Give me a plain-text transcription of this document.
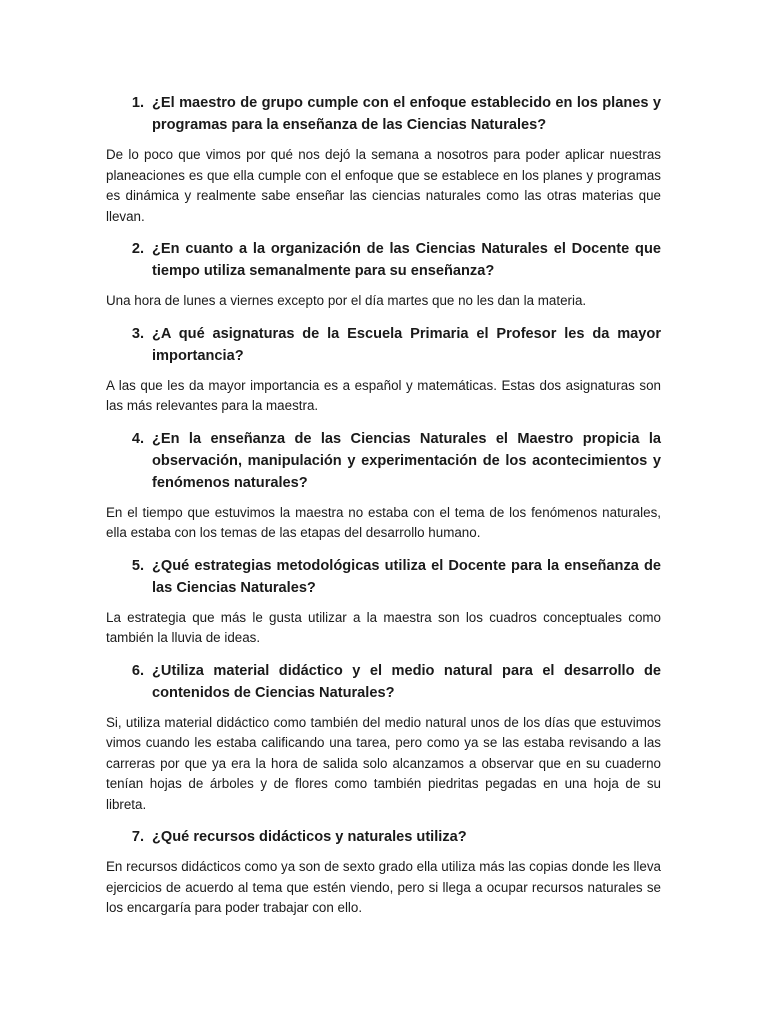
1. ¿El maestro de grupo cumple con el enfoque establecido en los planes y programas para la enseñanza de las Ciencias Naturales?

De lo poco que vimos por qué nos dejó la semana a nosotros para poder aplicar nuestras planeaciones es que ella cumple con el enfoque que se establece en los planes y programas es dinámica y realmente sabe enseñar las ciencias naturales como las otras materias que llevan.

2. ¿En cuanto a la organización de las Ciencias Naturales el Docente que tiempo utiliza semanalmente para su enseñanza?

Una hora de lunes a viernes excepto por el día martes que no les dan la materia.

3. ¿A qué asignaturas de la Escuela Primaria el Profesor les da mayor importancia?

A las que les da mayor importancia es a español y matemáticas. Estas dos asignaturas son las más relevantes para la maestra.

4. ¿En la enseñanza de las Ciencias Naturales el Maestro propicia la observación, manipulación y experimentación de los acontecimientos y fenómenos naturales?

En el tiempo que estuvimos la maestra no estaba con el tema de los fenómenos naturales, ella estaba con los temas de las etapas del desarrollo humano.

5. ¿Qué estrategias metodológicas utiliza el Docente para la enseñanza de las Ciencias Naturales?

La estrategia que más le gusta utilizar a la maestra son los cuadros conceptuales como también la lluvia de ideas.

6. ¿Utiliza material didáctico y el medio natural para el desarrollo de contenidos de Ciencias Naturales?

Si, utiliza material didáctico como también del medio natural unos de los días que estuvimos vimos cuando les estaba calificando una tarea, pero como ya se las estaba revisando a las carreras por que ya era la hora de salida solo alcanzamos a observar que en su cuaderno tenían hojas de árboles y de flores como también piedritas pegadas en una hoja de su libreta.

7. ¿Qué recursos didácticos y naturales utiliza?

En recursos didácticos como ya son de sexto grado ella utiliza más las copias donde les lleva ejercicios de acuerdo al tema que estén viendo, pero si llega a ocupar recursos naturales se los encargaría para poder trabajar con ello.
